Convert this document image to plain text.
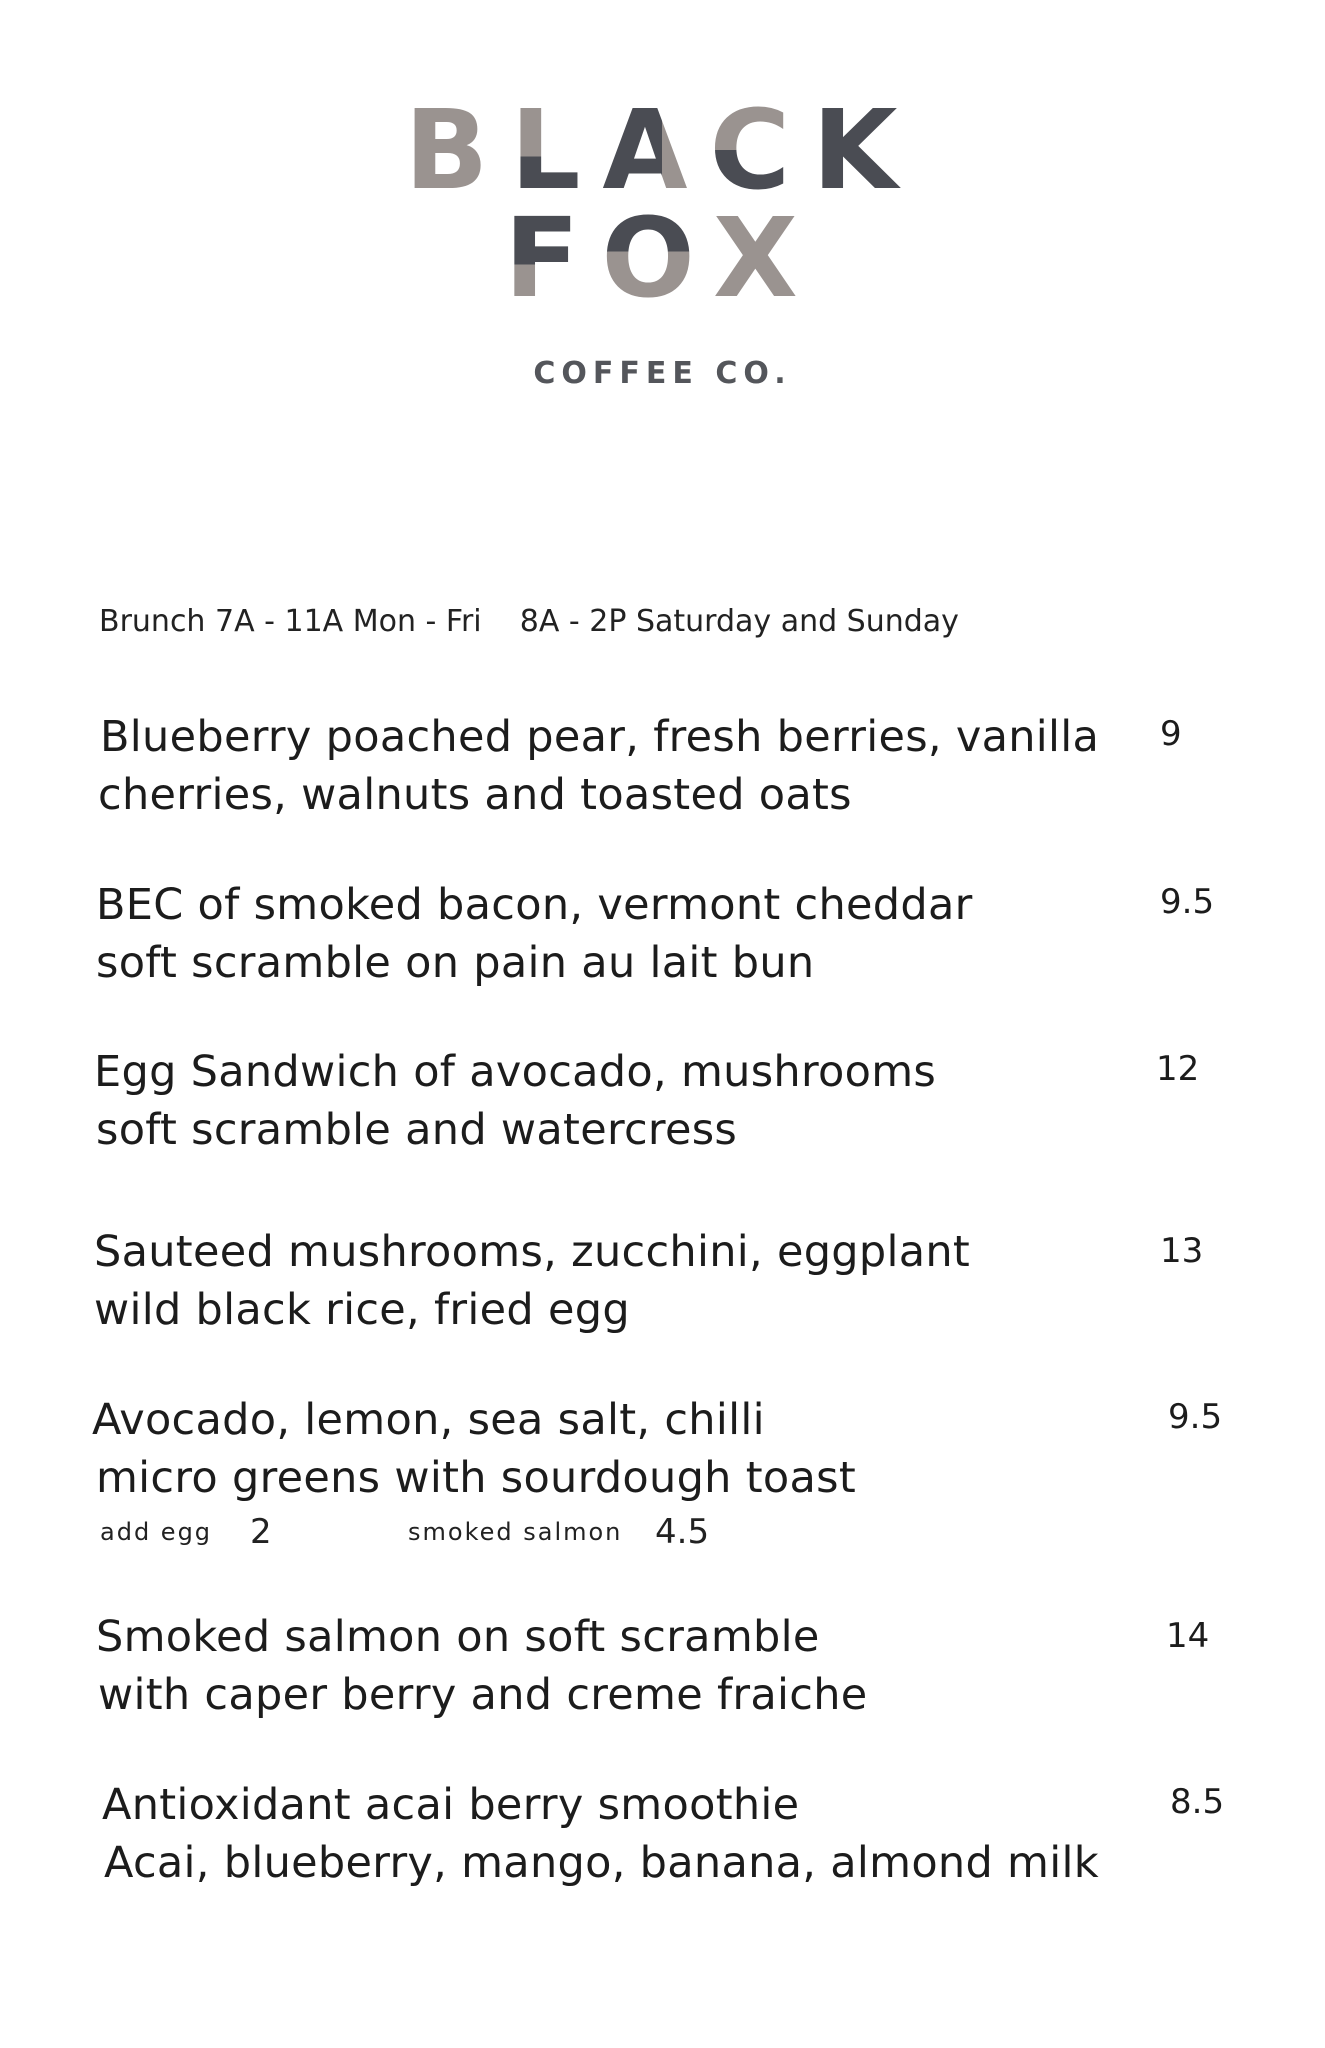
BLACK
FOX
COFFEE CO.
Brunch 7A - 11A Mon - Fri    8A - 2P Saturday and Sunday
Blueberry poached pear, fresh berries, vanilla
cherries, walnuts and toasted oats
9
BEC of smoked bacon, vermont cheddar
soft scramble on pain au lait bun
9.5
Egg Sandwich of avocado, mushrooms
soft scramble and watercress
12
Sauteed mushrooms, zucchini, eggplant
wild black rice, fried egg
13
Avocado, lemon, sea salt, chilli
micro greens with sourdough toast
9.5
add egg 2	smoked salmon 4.5
Smoked salmon on soft scramble
with caper berry and creme fraiche
14
Antioxidant acai berry smoothie
Acai, blueberry, mango, banana, almond milk
8.5
